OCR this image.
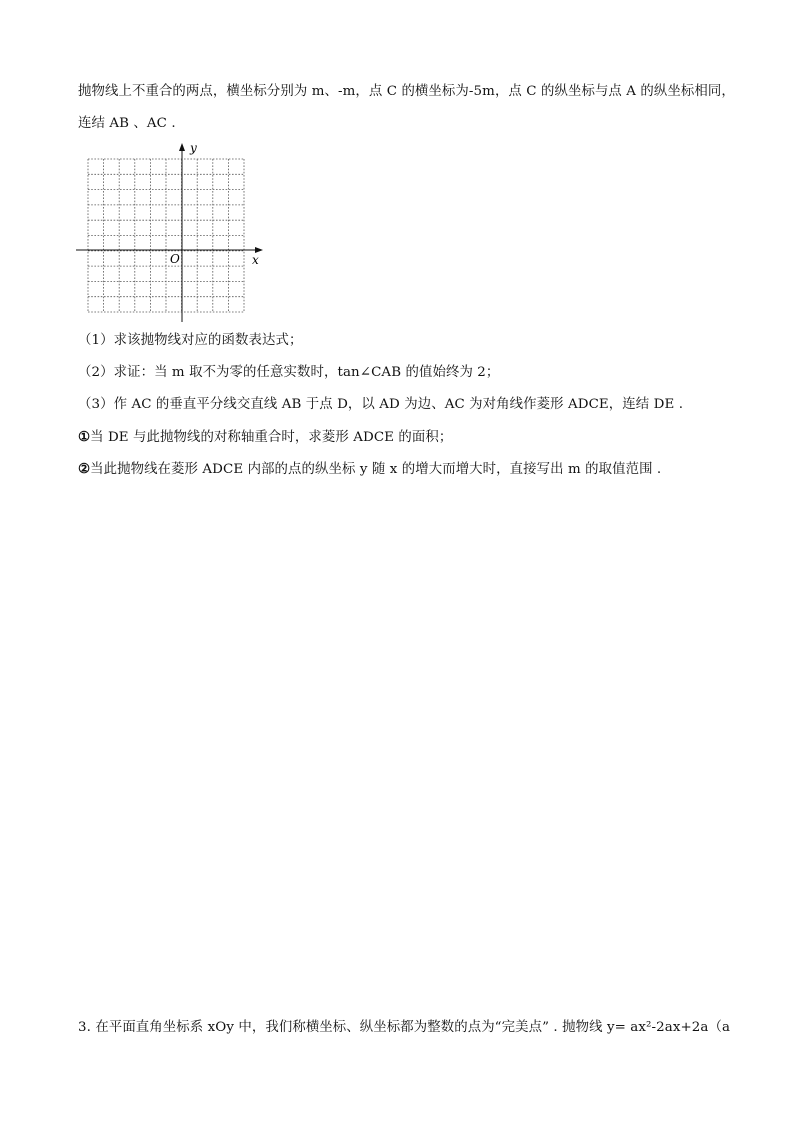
抛物线上不重合的两点，横坐标分别为 m、-m，点 C 的横坐标为-5m，点 C 的纵坐标与点 A 的纵坐标相同，
连结 AB 、AC .
y
x
O
（1）求该抛物线对应的函数表达式；
（2）求证：当 m 取不为零的任意实数时，tan∠CAB 的值始终为 2；
（3）作 AC 的垂直平分线交直线 AB 于点 D，以 AD 为边、AC 为对角线作菱形 ADCE，连结 DE .
①当 DE 与此抛物线的对称轴重合时，求菱形 ADCE 的面积；
②当此抛物线在菱形 ADCE 内部的点的纵坐标 y 随 x 的增大而增大时，直接写出 m 的取值范围 .
3. 在平面直角坐标系 xOy 中，我们称横坐标、纵坐标都为整数的点为“完美点” . 抛物线 y= ax²-2ax+2a（a
